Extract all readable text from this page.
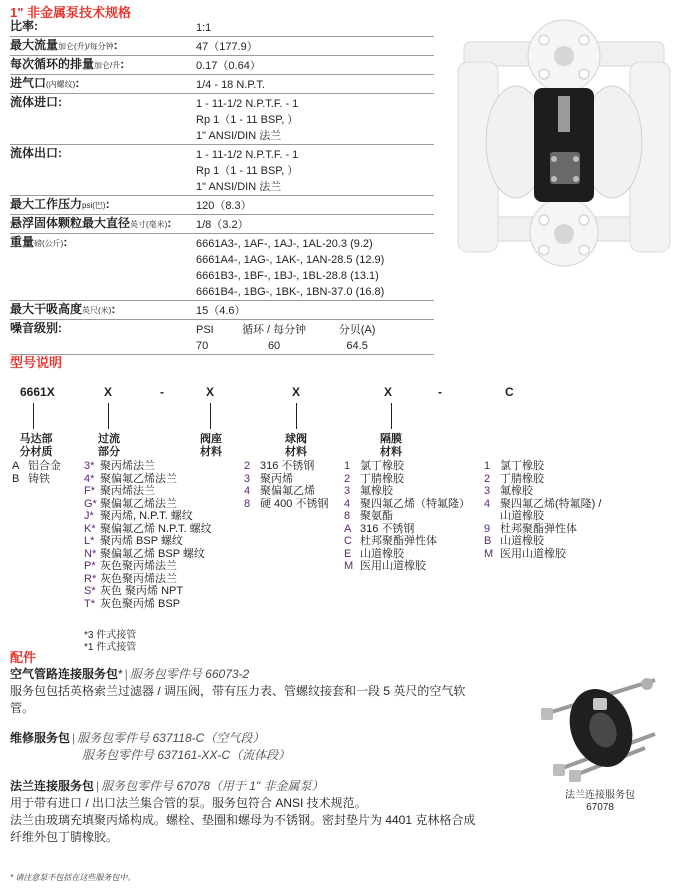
1" 非金属泵技术规格
比率:	1:1
最大流量加仑(升)/每分钟:	47（177.9）
每次循环的排量加仑/升:	0.17（0.64）
进气口(内螺纹):	1/4 - 18 N.P.T.
流体进口:	1 - 11-1/2 N.P.T.F. - 1
Rp 1（1 - 11 BSP, ）
1" ANSI/DIN 法兰
流体出口:	1 - 11-1/2 N.P.T.F. - 1
Rp 1（1 - 11 BSP, ）
1" ANSI/DIN 法兰
最大工作压力psi(巴):	120（8.3）
悬浮固体颗粒最大直径英寸(毫米):	1/8（3.2）
重量磅(公斤):	6661A3-, 1AF-, 1AJ-, 1AL-20.3 (9.2)
6661A4-, 1AG-, 1AK-, 1AN-28.5 (12.9)
6661B3-, 1BF-, 1BJ-, 1BL-28.8 (13.1)
6661B4-, 1BG-, 1BK-, 1BN-37.0 (16.8)
最大干吸高度英尺(米):	15（4.6）
噪音级别:	PSI	循环 / 每分钟	分贝(A)
70	60	64.5
型号说明
6661X	X	-	X	X	X	-	C
马达部
分材质
过流
部分
阀座
材料
球阀
材料
隔膜
材料
A 铝合金
B 铸铁
3* 聚丙烯法兰
4* 聚偏氟乙烯法兰
F* 聚丙烯法兰
G* 聚偏氟乙烯法兰
J* 聚丙烯, N.P.T. 螺纹
K* 聚偏氟乙烯 N.P.T. 螺纹
L* 聚丙烯 BSP 螺纹
N* 聚偏氟乙烯 BSP 螺纹
P* 灰色聚丙烯法兰
R* 灰色聚丙烯法兰
S* 灰色 聚丙烯 NPT
T* 灰色聚丙烯 BSP
*3 件式接管
*1 件式接管
2 316 不锈钢
3 聚丙烯
4 聚偏氟乙烯
8 硬 400 不锈钢
1 氯丁橡胶
2 丁腈橡胶
3 氟橡胶
4 聚四氟乙烯（特氟隆）
8 聚氨酯
A 316 不锈钢
C 杜邦聚酯弹性体
E 山道橡胶
M 医用山道橡胶
1 氯丁橡胶
2 丁腈橡胶
3 氟橡胶
4 聚四氟乙烯(特氟隆) /
山道橡胶
9 杜邦聚酯弹性体
B 山道橡胶
M 医用山道橡胶
配件
空气管路连接服务包* | 服务包零件号 66073-2
服务包包括英格索兰过滤器 / 调压阀，带有压力表、管螺纹接套和一段 5 英尺的空气软管。
维修服务包 | 服务包零件号 637118-C（空气段）
服务包零件号 637161-XX-C（流体段）
法兰连接服务包 | 服务包零件号 67078（用于 1" 非金属泵）
用于带有进口 / 出口法兰集合管的泵。服务包符合 ANSI 技术规范。
法兰由玻璃充填聚丙烯构成。螺栓、垫圈和螺母为不锈钢。密封垫片为 4401 克林格合成纤维外包丁腈橡胶。
法兰连接服务包
67078
* 请注意泵不包括在这些服务包中。
